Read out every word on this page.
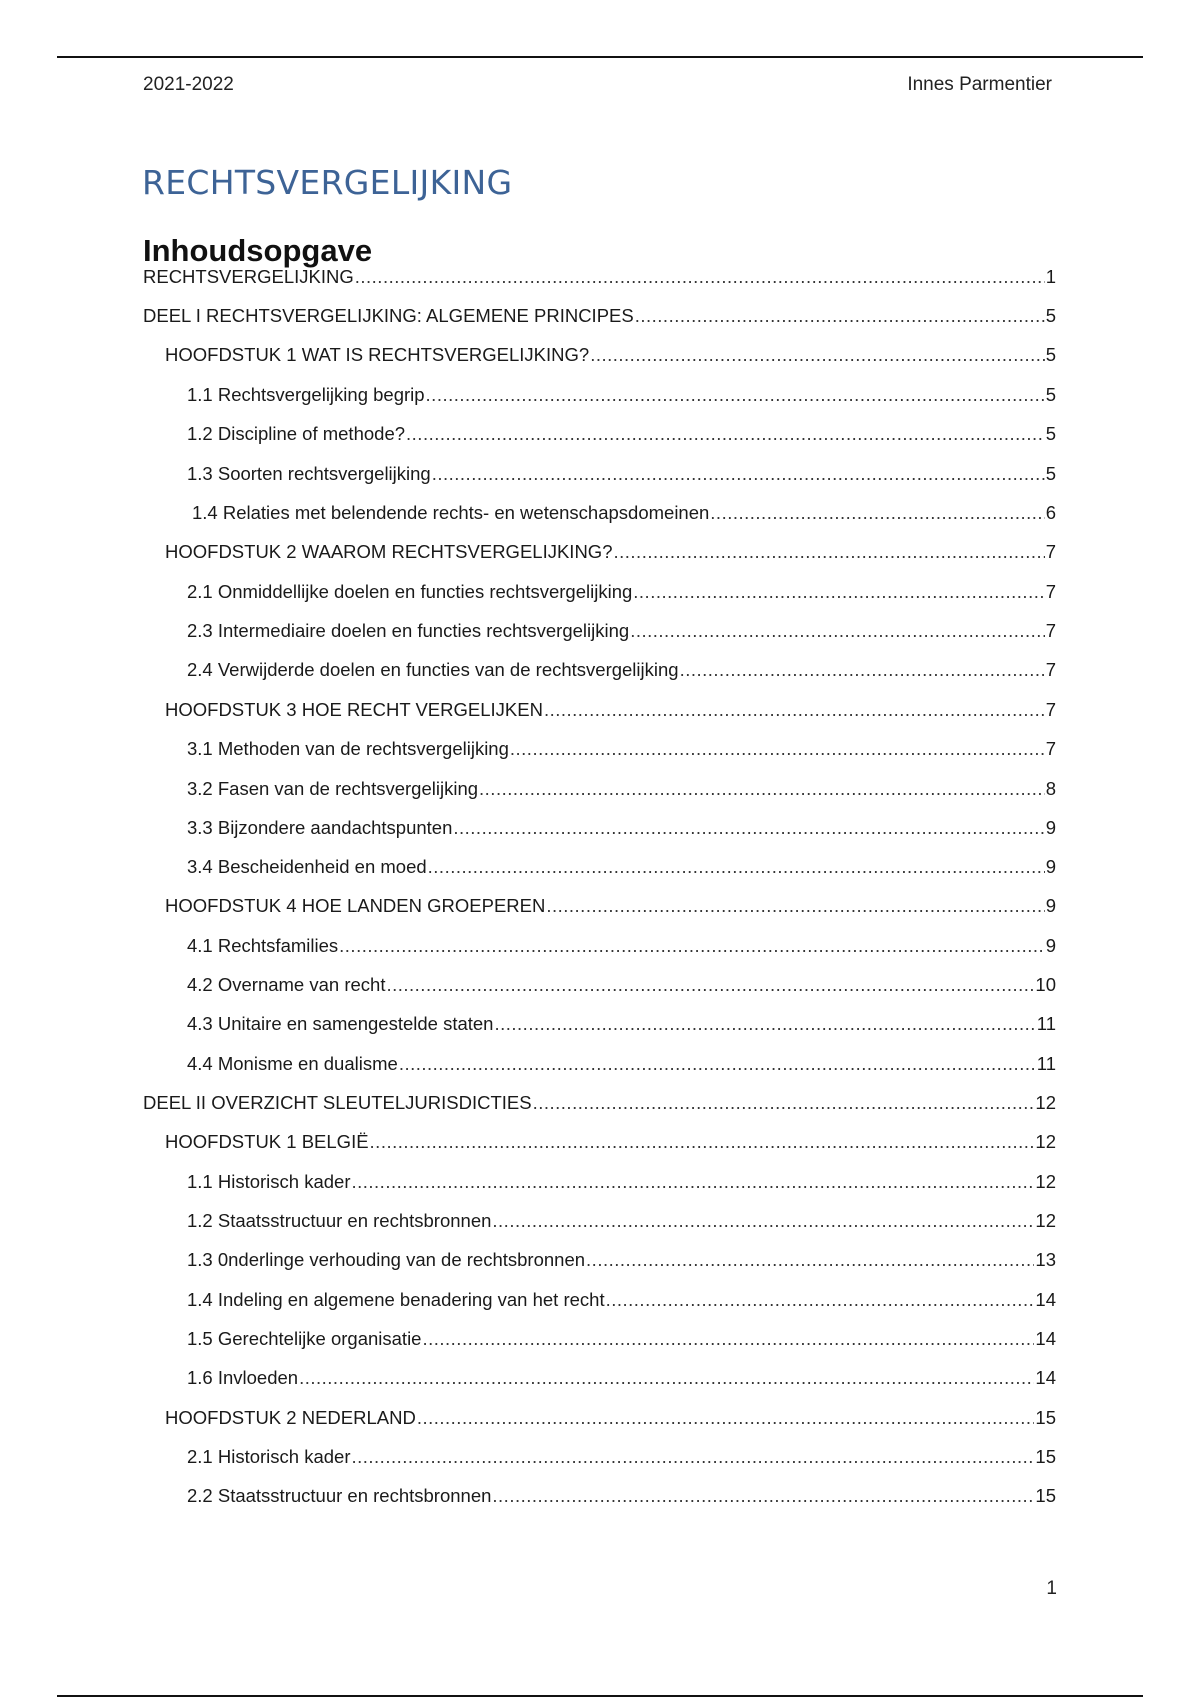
2021-2022	Innes Parmentier
RECHTSVERGELIJKING
Inhoudsopgave
RECHTSVERGELIJKING .....	1
DEEL I RECHTSVERGELIJKING: ALGEMENE PRINCIPES .....	5
HOOFDSTUK 1 WAT IS RECHTSVERGELIJKING? .....	5
1.1 Rechtsvergelijking begrip .....	5
1.2 Discipline of methode? .....	5
1.3 Soorten rechtsvergelijking .....	5
1.4 Relaties met belendende rechts- en wetenschapsdomeinen .....	6
HOOFDSTUK 2 WAAROM RECHTSVERGELIJKING? .....	7
2.1 Onmiddellijke doelen en functies rechtsvergelijking .....	7
2.3 Intermediaire doelen en functies rechtsvergelijking .....	7
2.4 Verwijderde doelen en functies van de rechtsvergelijking .....	7
HOOFDSTUK 3 HOE RECHT VERGELIJKEN .....	7
3.1 Methoden van de rechtsvergelijking .....	7
3.2 Fasen van de rechtsvergelijking .....	8
3.3 Bijzondere aandachtspunten .....	9
3.4 Bescheidenheid en moed .....	9
HOOFDSTUK 4 HOE LANDEN GROEPEREN .....	9
4.1 Rechtsfamilies .....	9
4.2 Overname van recht .....	10
4.3 Unitaire en samengestelde staten .....	11
4.4 Monisme en dualisme .....	11
DEEL II OVERZICHT SLEUTELJURISDICTIES .....	12
HOOFDSTUK 1 BELGIË .....	12
1.1 Historisch kader .....	12
1.2 Staatsstructuur en rechtsbronnen .....	12
1.3 0nderlinge verhouding van de rechtsbronnen .....	13
1.4 Indeling en algemene benadering van het recht .....	14
1.5 Gerechtelijke organisatie .....	14
1.6 Invloeden .....	14
HOOFDSTUK 2 NEDERLAND .....	15
2.1 Historisch kader .....	15
2.2 Staatsstructuur en rechtsbronnen .....	15
1
